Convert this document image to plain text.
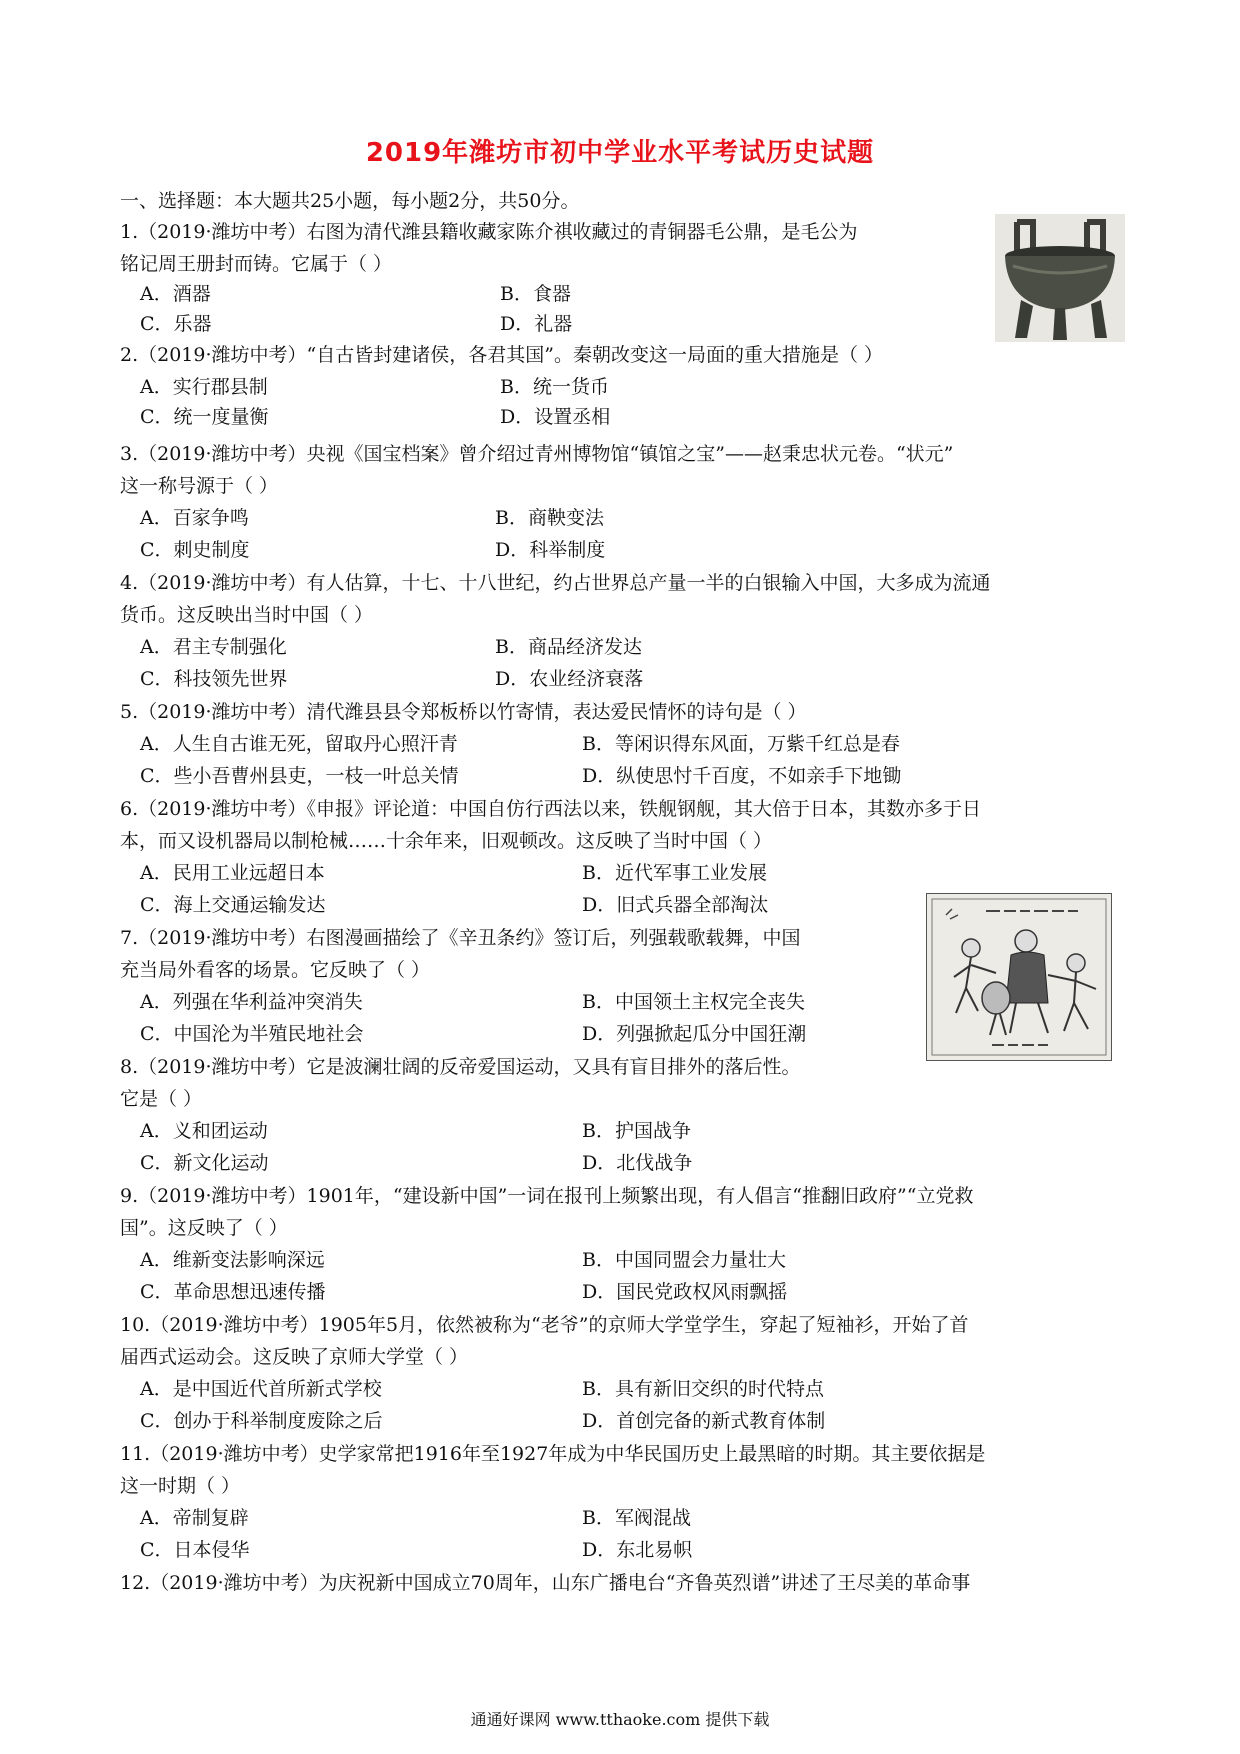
2019年潍坊市初中学业水平考试历史试题
一、选择题：本大题共25小题，每小题2分，共50分。
1.（2019·潍坊中考）右图为清代潍县籍收藏家陈介祺收藏过的青铜器毛公鼎，是毛公为
铭记周王册封而铸。它属于（ ）
A．酒器	B．食器
C．乐器	D．礼器
2.（2019·潍坊中考）“自古皆封建诸侯，各君其国”。秦朝改变这一局面的重大措施是（ ）
A．实行郡县制	B．统一货币
C．统一度量衡	D．设置丞相
3.（2019·潍坊中考）央视《国宝档案》曾介绍过青州博物馆“镇馆之宝”——赵秉忠状元卷。“状元”
这一称号源于（ ）
A．百家争鸣	B．商鞅变法
C．刺史制度	D．科举制度
4.（2019·潍坊中考）有人估算，十七、十八世纪，约占世界总产量一半的白银输入中国，大多成为流通
货币。这反映出当时中国（ ）
A．君主专制强化	B．商品经济发达
C．科技领先世界	D．农业经济衰落
5.（2019·潍坊中考）清代潍县县令郑板桥以竹寄情，表达爱民情怀的诗句是（ ）
A．人生自古谁无死，留取丹心照汗青	B．等闲识得东风面，万紫千红总是春
C．些小吾曹州县吏，一枝一叶总关情	D．纵使思忖千百度，不如亲手下地锄
6.（2019·潍坊中考）《申报》评论道：中国自仿行西法以来，铁舰钢舰，其大倍于日本，其数亦多于日
本，而又设机器局以制枪械……十余年来，旧观顿改。这反映了当时中国（ ）
A．民用工业远超日本	B．近代军事工业发展
C．海上交通运输发达	D．旧式兵器全部淘汰
7.（2019·潍坊中考）右图漫画描绘了《辛丑条约》签订后，列强载歌载舞，中国
充当局外看客的场景。它反映了（ ）
A．列强在华利益冲突消失	B．中国领土主权完全丧失
C．中国沦为半殖民地社会	D．列强掀起瓜分中国狂潮
8.（2019·潍坊中考）它是波澜壮阔的反帝爱国运动，又具有盲目排外的落后性。
它是（ ）
A．义和团运动	B．护国战争
C．新文化运动	D．北伐战争
9.（2019·潍坊中考）1901年，“建设新中国”一词在报刊上频繁出现，有人倡言“推翻旧政府”“立党救
国”。这反映了（ ）
A．维新变法影响深远	B．中国同盟会力量壮大
C．革命思想迅速传播	D．国民党政权风雨飘摇
10.（2019·潍坊中考）1905年5月，依然被称为“老爷”的京师大学堂学生，穿起了短袖衫，开始了首
届西式运动会。这反映了京师大学堂（ ）
A．是中国近代首所新式学校	B．具有新旧交织的时代特点
C．创办于科举制度废除之后	D．首创完备的新式教育体制
11.（2019·潍坊中考）史学家常把1916年至1927年成为中华民国历史上最黑暗的时期。其主要依据是
这一时期（ ）
A．帝制复辟	B．军阀混战
C．日本侵华	D．东北易帜
12.（2019·潍坊中考）为庆祝新中国成立70周年，山东广播电台“齐鲁英烈谱”讲述了王尽美的革命事
通通好课网 www.tthaoke.com 提供下载
